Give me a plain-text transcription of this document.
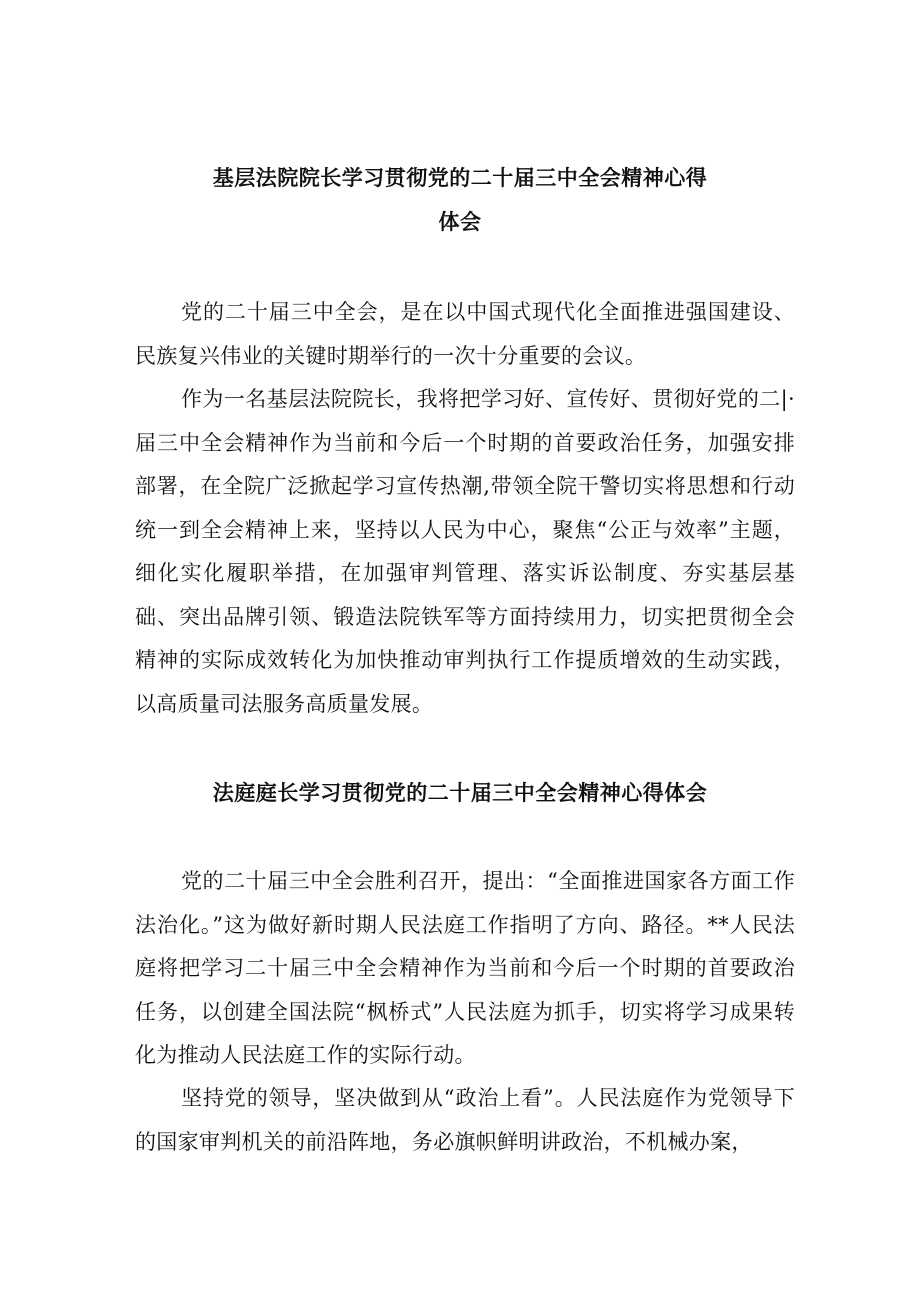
基层法院院长学习贯彻党的二十届三中全会精神心得
体会

党的二十届三中全会，是在以中国式现代化全面推进强国建设、民族复兴伟业的关键时期举行的一次十分重要的会议。

作为一名基层法院院长，我将把学习好、宣传好、贯彻好党的二|·届三中全会精神作为当前和今后一个时期的首要政治任务，加强安排部署，在全院广泛掀起学习宣传热潮,带领全院干警切实将思想和行动统一到全会精神上来，坚持以人民为中心，聚焦“公正与效率”主题，细化实化履职举措，在加强审判管理、落实诉讼制度、夯实基层基础、突出品牌引领、锻造法院铁军等方面持续用力，切实把贯彻全会精神的实际成效转化为加快推动审判执行工作提质增效的生动实践，以高质量司法服务高质量发展。

法庭庭长学习贯彻党的二十届三中全会精神心得体会

党的二十届三中全会胜利召开，提出：“全面推进国家各方面工作法治化。”这为做好新时期人民法庭工作指明了方向、路径。**人民法庭将把学习二十届三中全会精神作为当前和今后一个时期的首要政治任务，以创建全国法院“枫桥式”人民法庭为抓手，切实将学习成果转化为推动人民法庭工作的实际行动。

坚持党的领导，坚决做到从“政治上看”。人民法庭作为党领导下的国家审判机关的前沿阵地，务必旗帜鲜明讲政治，不机械办案，
